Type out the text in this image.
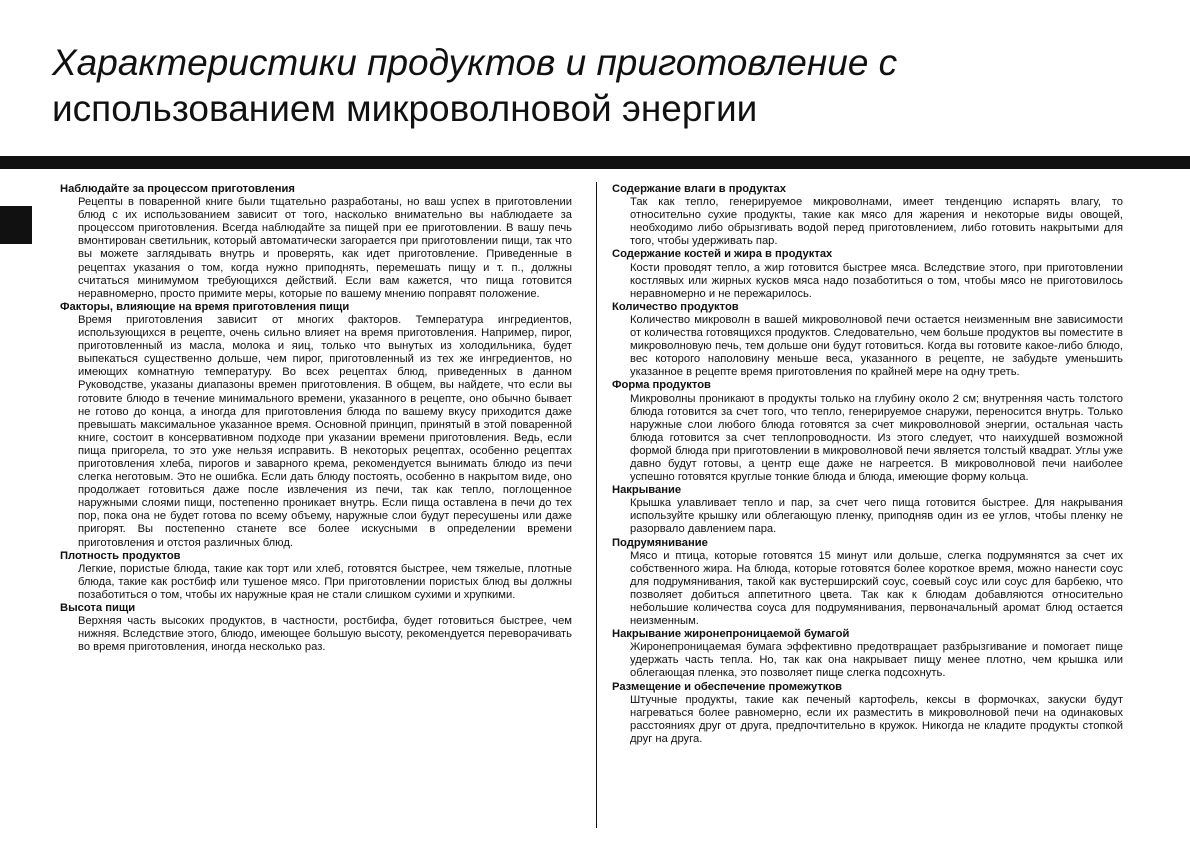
Характеристики продуктов и приготовление с
использованием микроволновой энергии
Наблюдайте за процессом приготовления
Рецепты в поваренной книге были тщательно разработаны, но ваш успех в приготовлении блюд с их использованием зависит от того, насколько внимательно вы наблюдаете за процессом приготовления. Всегда наблюдайте за пищей при ее приготовлении. В вашу печь вмонтирован светильник, который автоматически загорается при приготовлении пищи, так что вы можете заглядывать внутрь и проверять, как идет приготовление. Приведенные в рецептах указания о том, когда нужно приподнять, перемешать пищу и т. п., должны считаться минимумом требующихся действий. Если вам кажется, что пища готовится неравномерно, просто примите меры, которые по вашему мнению поправят положение.
Факторы, влияющие на время приготовления пищи
Время приготовления зависит от многих факторов. Температура ингредиентов, использующихся в рецепте, очень сильно влияет на время приготовления. Например, пирог, приготовленный из масла, молока и яиц, только что вынутых из холодильника, будет выпекаться существенно дольше, чем пирог, приготовленный из тех же ингредиентов, но имеющих комнатную температуру. Во всех рецептах блюд, приведенных в данном Руководстве, указаны диапазоны времен приготовления. В общем, вы найдете, что если вы готовите блюдо в течение минимального времени, указанного в рецепте, оно обычно бывает не готово до конца, а иногда для приготовления блюда по вашему вкусу приходится даже превышать максимальное указанное время. Основной принцип, принятый в этой поваренной книге, состоит в консервативном подходе при указании времени приготовления. Ведь, если пища пригорела, то это уже нельзя исправить. В некоторых рецептах, особенно рецептах приготовления хлеба, пирогов и заварного крема, рекомендуется вынимать блюдо из печи слегка неготовым. Это не ошибка. Если дать блюду постоять, особенно в накрытом виде, оно продолжает готовиться даже после извлечения из печи, так как тепло, поглощенное наружными слоями пищи, постепенно проникает внутрь. Если пища оставлена в печи до тех пор, пока она не будет готова по всему объему, наружные слои будут пересушены или даже пригорят. Вы постепенно станете все более искусными в определении времени приготовления и отстоя различных блюд.
Плотность продуктов
Легкие, пористые блюда, такие как торт или хлеб, готовятся быстрее, чем тяжелые, плотные блюда, такие как ростбиф или тушеное мясо. При приготовлении пористых блюд вы должны позаботиться о том, чтобы их наружные края не стали слишком сухими и хрупкими.
Высота пищи
Верхняя часть высоких продуктов, в частности, ростбифа, будет готовиться быстрее, чем нижняя. Вследствие этого, блюдо, имеющее большую высоту, рекомендуется переворачивать во время приготовления, иногда несколько раз.
Содержание влаги в продуктах
Так как тепло, генерируемое микроволнами, имеет тенденцию испарять влагу, то относительно сухие продукты, такие как мясо для жарения и некоторые виды овощей, необходимо либо обрызгивать водой перед приготовлением, либо готовить накрытыми для того, чтобы удерживать пар.
Содержание костей и жира в продуктах
Кости проводят тепло, а жир готовится быстрее мяса. Вследствие этого, при приготовлении костлявых или жирных кусков мяса надо позаботиться о том, чтобы мясо не приготовилось неравномерно и не пережарилось.
Количество продуктов
Количество микроволн в вашей микроволновой печи остается неизменным вне зависимости от количества готовящихся продуктов. Следовательно, чем больше продуктов вы поместите в микроволновую печь, тем дольше они будут готовиться. Когда вы готовите какое-либо блюдо, вес которого наполовину меньше веса, указанного в рецепте, не забудьте уменьшить указанное в рецепте время приготовления по крайней мере на одну треть.
Форма продуктов
Микроволны проникают в продукты только на глубину около 2 см; внутренняя часть толстого блюда готовится за счет того, что тепло, генерируемое снаружи, переносится внутрь. Только наружные слои любого блюда готовятся за счет микроволновой энергии, остальная часть блюда готовится за счет теплопроводности. Из этого следует, что наихудшей возможной формой блюда при приготовлении в микроволновой печи является толстый квадрат. Углы уже давно будут готовы, а центр еще даже не нагреется. В микроволновой печи наиболее успешно готовятся круглые тонкие блюда и блюда, имеющие форму кольца.
Накрывание
Крышка улавливает тепло и пар, за счет чего пища готовится быстрее. Для накрывания используйте крышку или облегающую пленку, приподняв один из ее углов, чтобы пленку не разорвало давлением пара.
Подрумянивание
Мясо и птица, которые готовятся 15 минут или дольше, слегка подрумянятся за счет их собственного жира. На блюда, которые готовятся более короткое время, можно нанести соус для подрумянивания, такой как вустерширский соус, соевый соус или соус для барбекю, что позволяет добиться аппетитного цвета. Так как к блюдам добавляются относительно небольшие количества соуса для подрумянивания, первоначальный аромат блюд остается неизменным.
Накрывание жиронепроницаемой бумагой
Жиронепроницаемая бумага эффективно предотвращает разбрызгивание и помогает пище удержать часть тепла. Но, так как она накрывает пищу менее плотно, чем крышка или облегающая пленка, это позволяет пище слегка подсохнуть.
Размещение и обеспечение промежутков
Штучные продукты, такие как печеный картофель, кексы в формочках, закуски будут нагреваться более равномерно, если их разместить в микроволновой печи на одинаковых расстояниях друг от друга, предпочтительно в кружок. Никогда не кладите продукты стопкой друг на друга.
